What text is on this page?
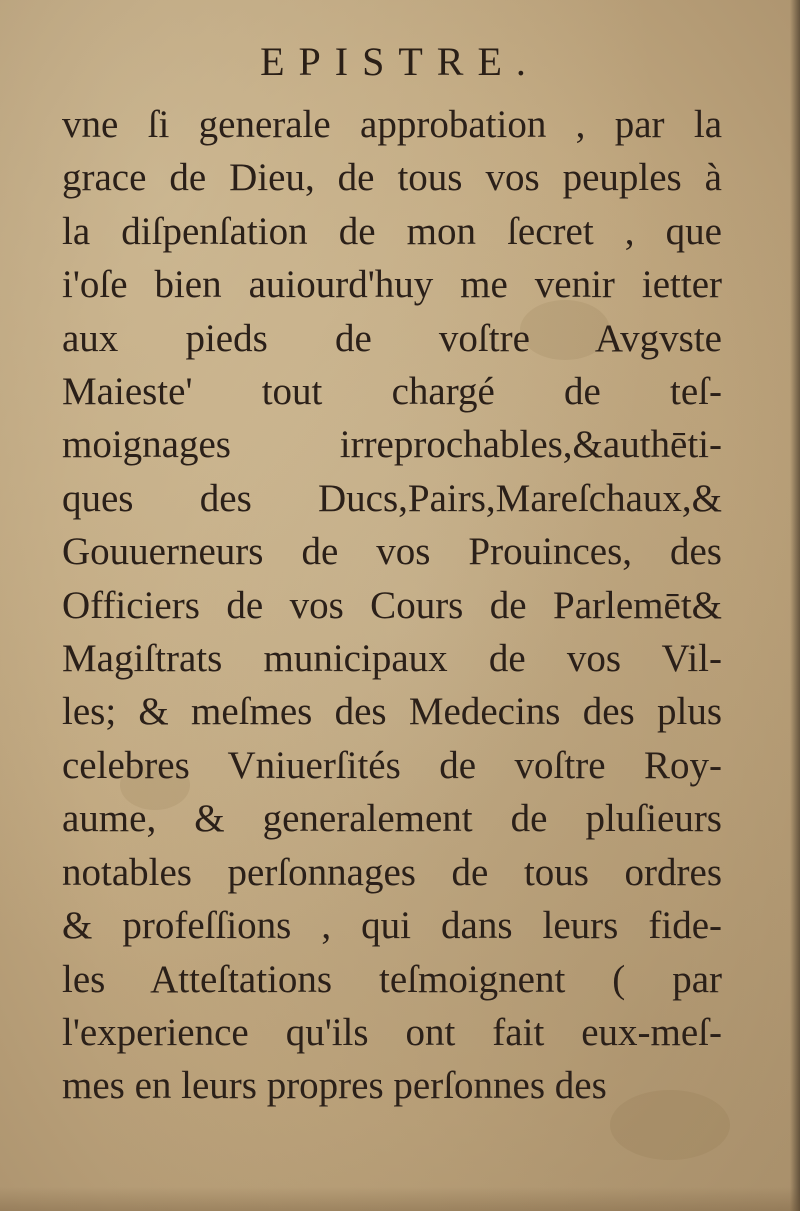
EPISTRE.
vne ſi generale approbation , par la
grace de Dieu, de tous vos peuples à
la diſpenſation de mon ſecret , que
i'oſe bien auiourd'huy me venir ietter
aux pieds de voſtre Avgvste
Maieste' tout chargé de teſ-
moignages irreprochables,&authēti-
ques des Ducs,Pairs,Mareſchaux,&
Gouuerneurs de vos Prouinces, des
Officiers de vos Cours de Parlemēt&
Magiſtrats municipaux de vos Vil-
les; & meſmes des Medecins des plus
celebres Vniuerſités de voſtre Roy-
aume, & generalement de pluſieurs
notables perſonnages de tous ordres
& profeſſions , qui dans leurs fide-
les Atteſtations teſmoignent ( par
l'experience qu'ils ont fait eux-meſ-
mes en leurs propres perſonnes des
